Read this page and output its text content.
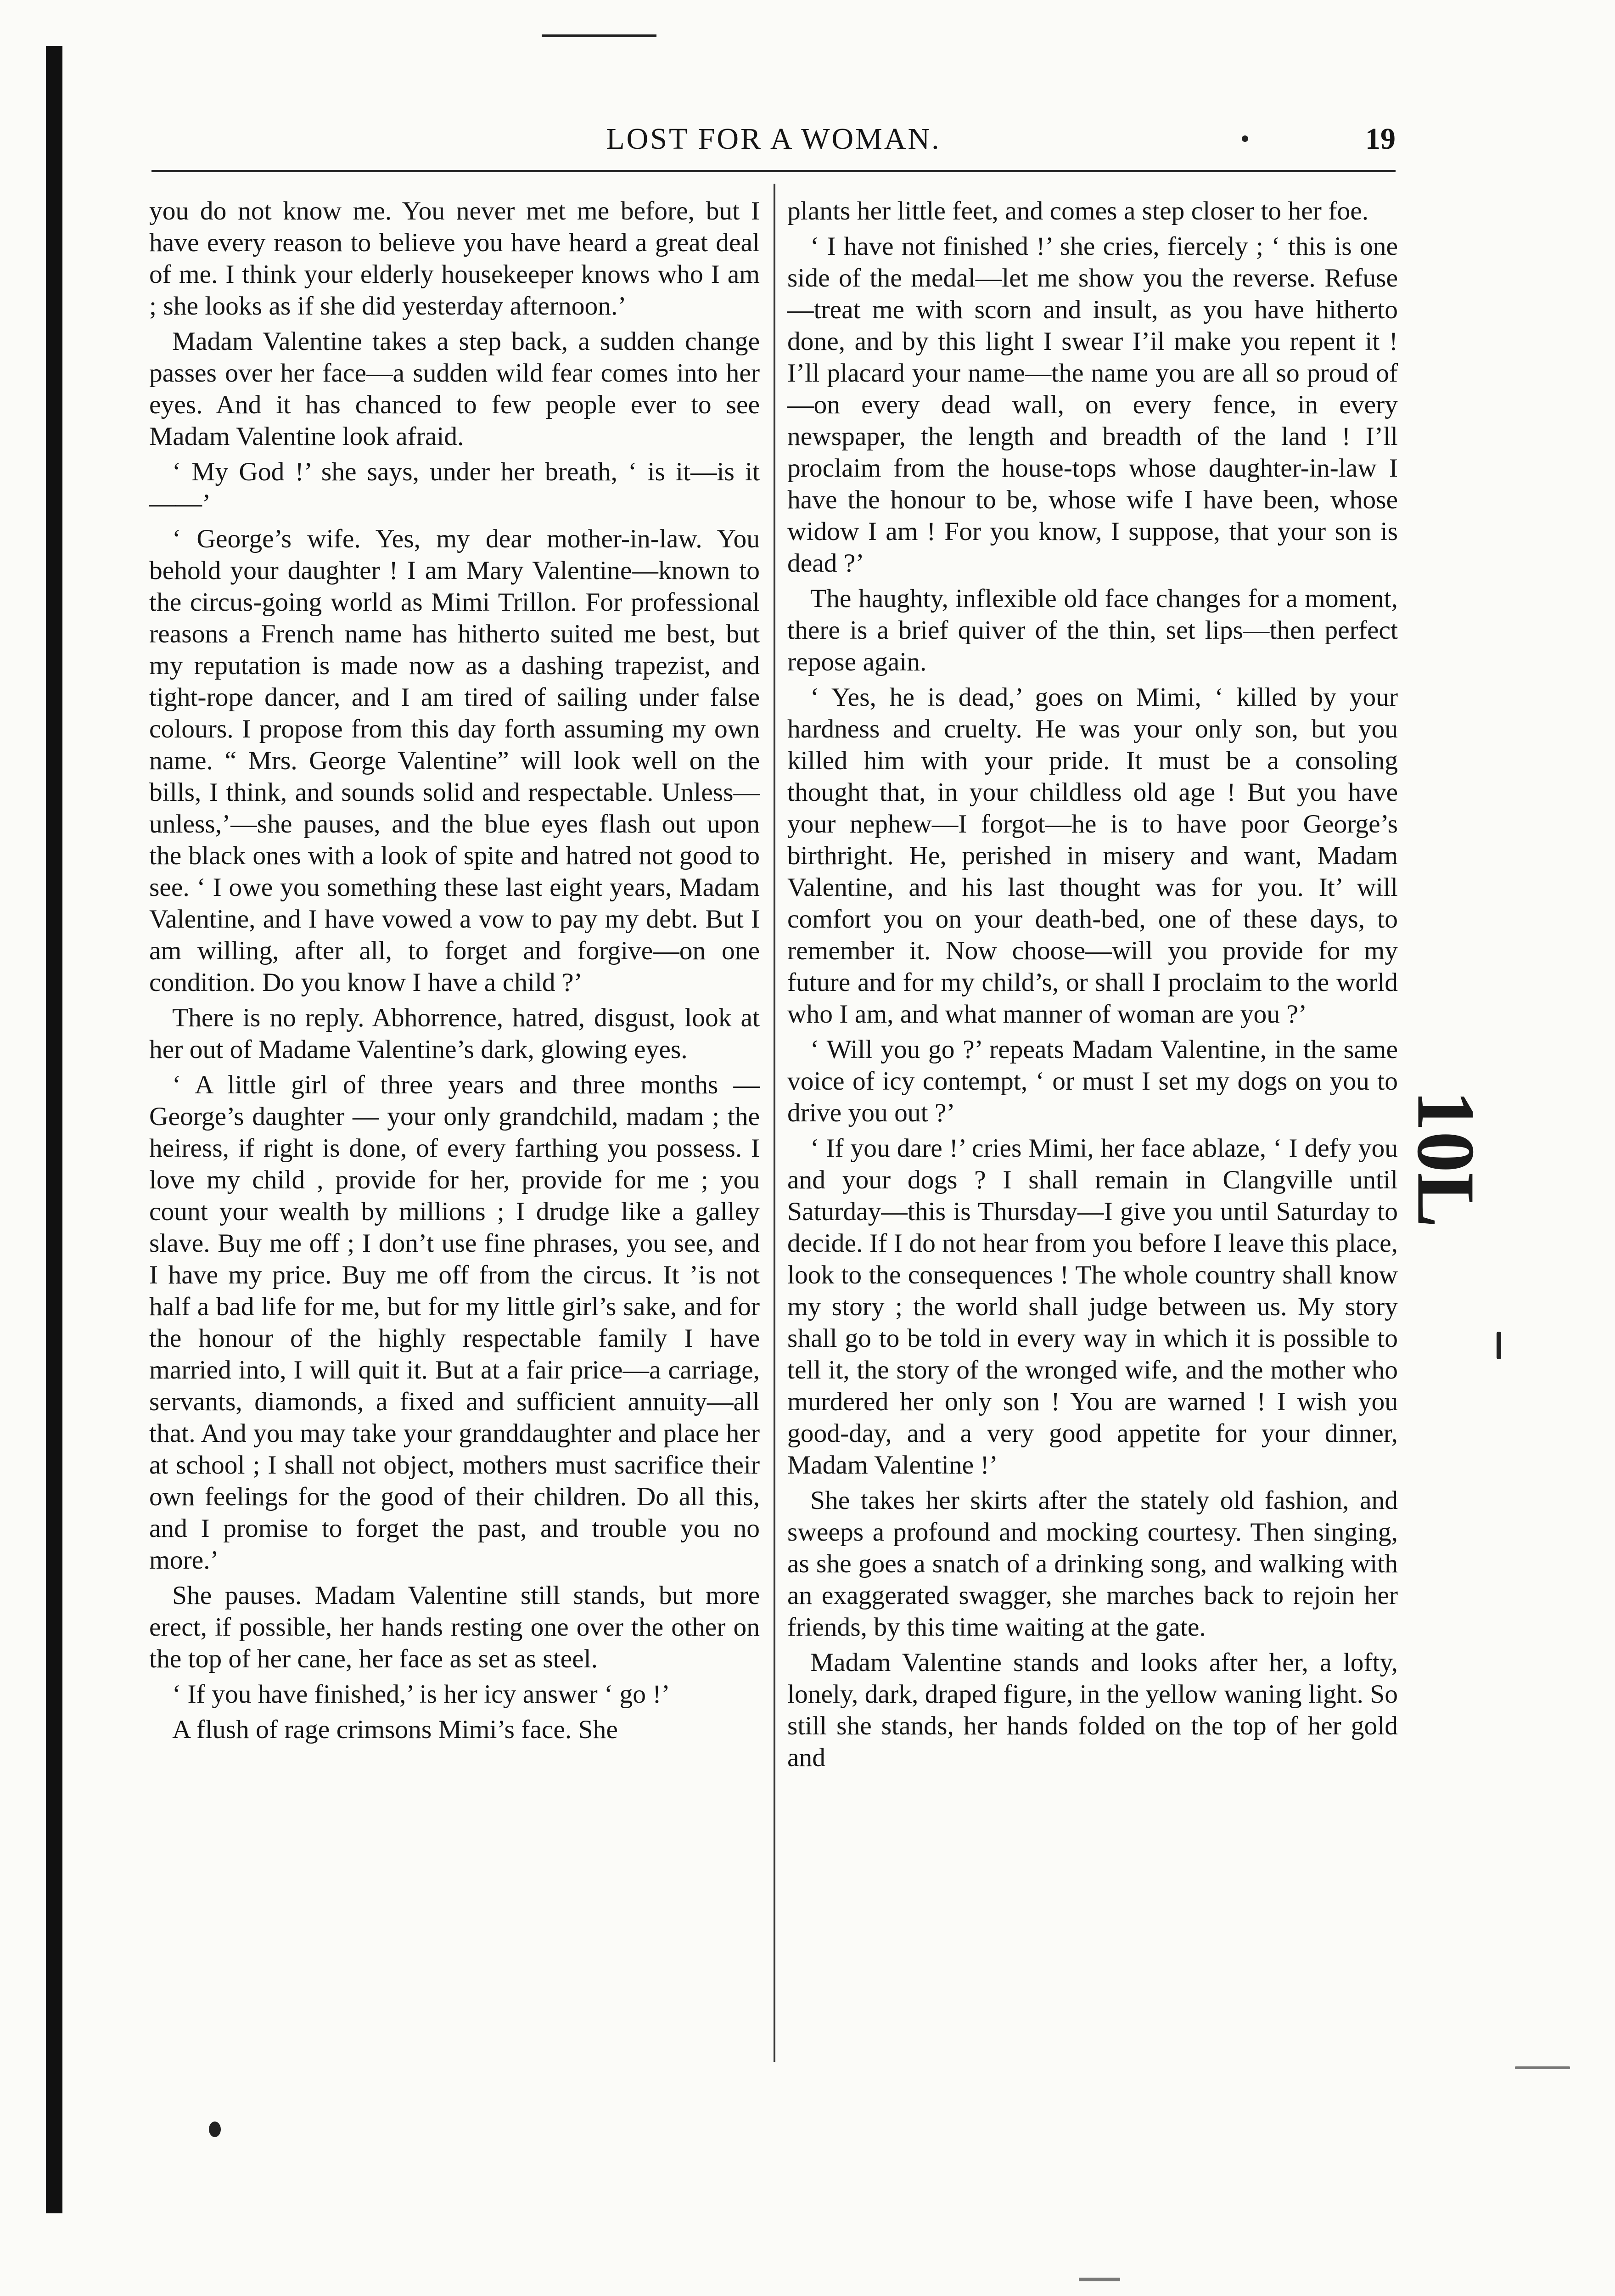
LOST FOR A WOMAN.	19

you do not know me. You never met me before, but I have every reason to believe you have heard a great deal of me. I think your elderly housekeeper knows who I am ; she looks as if she did yesterday afternoon.’

Madam Valentine takes a step back, a sudden change passes over her face—a sudden wild fear comes into her eyes. And it has chanced to few people ever to see Madam Valentine look afraid.

‘ My God !’ she says, under her breath, ‘ is it—is it——’

‘ George’s wife. Yes, my dear mother-in-law. You behold your daughter ! I am Mary Valentine—known to the circus-going world as Mimi Trillon. For professional reasons a French name has hitherto suited me best, but my reputation is made now as a dashing trapezist, and tight-rope dancer, and I am tired of sailing under false colours. I propose from this day forth assuming my own name. “ Mrs. George Valentine” will look well on the bills, I think, and sounds solid and respectable. Unless—unless,’—she pauses, and the blue eyes flash out upon the black ones with a look of spite and hatred not good to see. ‘ I owe you something these last eight years, Madam Valentine, and I have vowed a vow to pay my debt. But I am willing, after all, to forget and forgive—on one condition. Do you know I have a child ?’

There is no reply. Abhorrence, hatred, disgust, look at her out of Madame Valentine’s dark, glowing eyes.

‘ A little girl of three years and three months — George’s daughter — your only grandchild, madam ; the heiress, if right is done, of every farthing you possess. I love my child , provide for her, provide for me ; you count your wealth by millions ; I drudge like a galley slave. Buy me off ; I don’t use fine phrases, you see, and I have my price. Buy me off from the circus. It ’is not half a bad life for me, but for my little girl’s sake, and for the honour of the highly respectable family I have married into, I will quit it. But at a fair price—a carriage, servants, diamonds, a fixed and sufficient annuity—all that. And you may take your granddaughter and place her at school ; I shall not object, mothers must sacrifice their own feelings for the good of their children. Do all this, and I promise to forget the past, and trouble you no more.’

She pauses. Madam Valentine still stands, but more erect, if possible, her hands resting one over the other on the top of her cane, her face as set as steel.

‘ If you have finished,’ is her icy answer ‘ go !’

A flush of rage crimsons Mimi’s face. She

plants her little feet, and comes a step closer to her foe.

‘ I have not finished !’ she cries, fiercely ; ‘ this is one side of the medal—let me show you the reverse. Refuse—treat me with scorn and insult, as you have hitherto done, and by this light I swear I’il make you repent it ! I’ll placard your name—the name you are all so proud of —on every dead wall, on every fence, in every newspaper, the length and breadth of the land ! I’ll proclaim from the house-tops whose daughter-in-law I have the honour to be, whose wife I have been, whose widow I am ! For you know, I suppose, that your son is dead ?’

The haughty, inflexible old face changes for a moment, there is a brief quiver of the thin, set lips—then perfect repose again.

‘ Yes, he is dead,’ goes on Mimi, ‘ killed by your hardness and cruelty. He was your only son, but you killed him with your pride. It must be a consoling thought that, in your childless old age ! But you have your nephew—I forgot—he is to have poor George’s birthright. He, perished in misery and want, Madam Valentine, and his last thought was for you. It’ will comfort you on your death-bed, one of these days, to remember it. Now choose—will you provide for my future and for my child’s, or shall I proclaim to the world who I am, and what manner of woman are you ?’

‘ Will you go ?’ repeats Madam Valentine, in the same voice of icy contempt, ‘ or must I set my dogs on you to drive you out ?’

‘ If you dare !’ cries Mimi, her face ablaze, ‘ I defy you and your dogs ? I shall remain in Clangville until Saturday—this is Thursday—I give you until Saturday to decide. If I do not hear from you before I leave this place, look to the consequences ! The whole country shall know my story ; the world shall judge between us. My story shall go to be told in every way in which it is possible to tell it, the story of the wronged wife, and the mother who murdered her only son ! You are warned ! I wish you good-day, and a very good appetite for your dinner, Madam Valentine !’

She takes her skirts after the stately old fashion, and sweeps a profound and mocking courtesy. Then singing, as she goes a snatch of a drinking song, and walking with an exaggerated swagger, she marches back to rejoin her friends, by this time waiting at the gate.

Madam Valentine stands and looks after her, a lofty, lonely, dark, draped figure, in the yellow waning light. So still she stands, her hands folded on the top of her gold and

10L
